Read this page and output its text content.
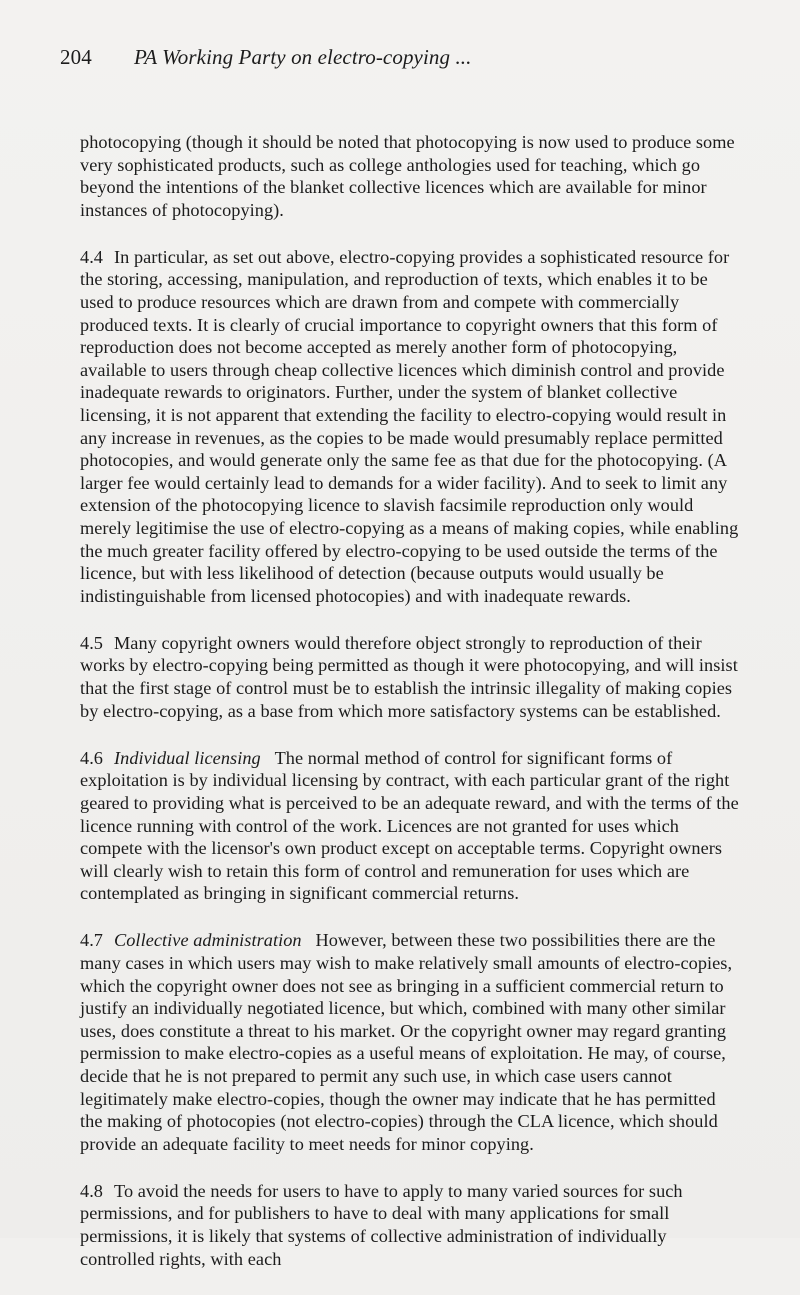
204 PA Working Party on electro-copying ...

photocopying (though it should be noted that photocopying is now used to produce some very sophisticated products, such as college anthologies used for teaching, which go beyond the intentions of the blanket collective licences which are available for minor instances of photocopying).

4.4 In particular, as set out above, electro-copying provides a sophisticated resource for the storing, accessing, manipulation, and reproduction of texts, which enables it to be used to produce resources which are drawn from and compete with commercially produced texts. It is clearly of crucial importance to copyright owners that this form of reproduction does not become accepted as merely another form of photocopying, available to users through cheap collective licences which diminish control and provide inadequate rewards to originators. Further, under the system of blanket collective licensing, it is not apparent that extending the facility to electro-copying would result in any increase in revenues, as the copies to be made would presumably replace permitted photocopies, and would generate only the same fee as that due for the photocopying. (A larger fee would certainly lead to demands for a wider facility). And to seek to limit any extension of the photocopying licence to slavish facsimile reproduction only would merely legitimise the use of electro-copying as a means of making copies, while enabling the much greater facility offered by electro-copying to be used outside the terms of the licence, but with less likelihood of detection (because outputs would usually be indistinguishable from licensed photocopies) and with inadequate rewards.

4.5 Many copyright owners would therefore object strongly to reproduction of their works by electro-copying being permitted as though it were photocopying, and will insist that the first stage of control must be to establish the intrinsic illegality of making copies by electro-copying, as a base from which more satisfactory systems can be established.

4.6 Individual licensing The normal method of control for significant forms of exploitation is by individual licensing by contract, with each particular grant of the right geared to providing what is perceived to be an adequate reward, and with the terms of the licence running with control of the work. Licences are not granted for uses which compete with the licensor's own product except on acceptable terms. Copyright owners will clearly wish to retain this form of control and remuneration for uses which are contemplated as bringing in significant commercial returns.

4.7 Collective administration However, between these two possibilities there are the many cases in which users may wish to make relatively small amounts of electro-copies, which the copyright owner does not see as bringing in a sufficient commercial return to justify an individually negotiated licence, but which, combined with many other similar uses, does constitute a threat to his market. Or the copyright owner may regard granting permission to make electro-copies as a useful means of exploitation. He may, of course, decide that he is not prepared to permit any such use, in which case users cannot legitimately make electro-copies, though the owner may indicate that he has permitted the making of photocopies (not electro-copies) through the CLA licence, which should provide an adequate facility to meet needs for minor copying.

4.8 To avoid the needs for users to have to apply to many varied sources for such permissions, and for publishers to have to deal with many applications for small permissions, it is likely that systems of collective administration of individually controlled rights, with each
